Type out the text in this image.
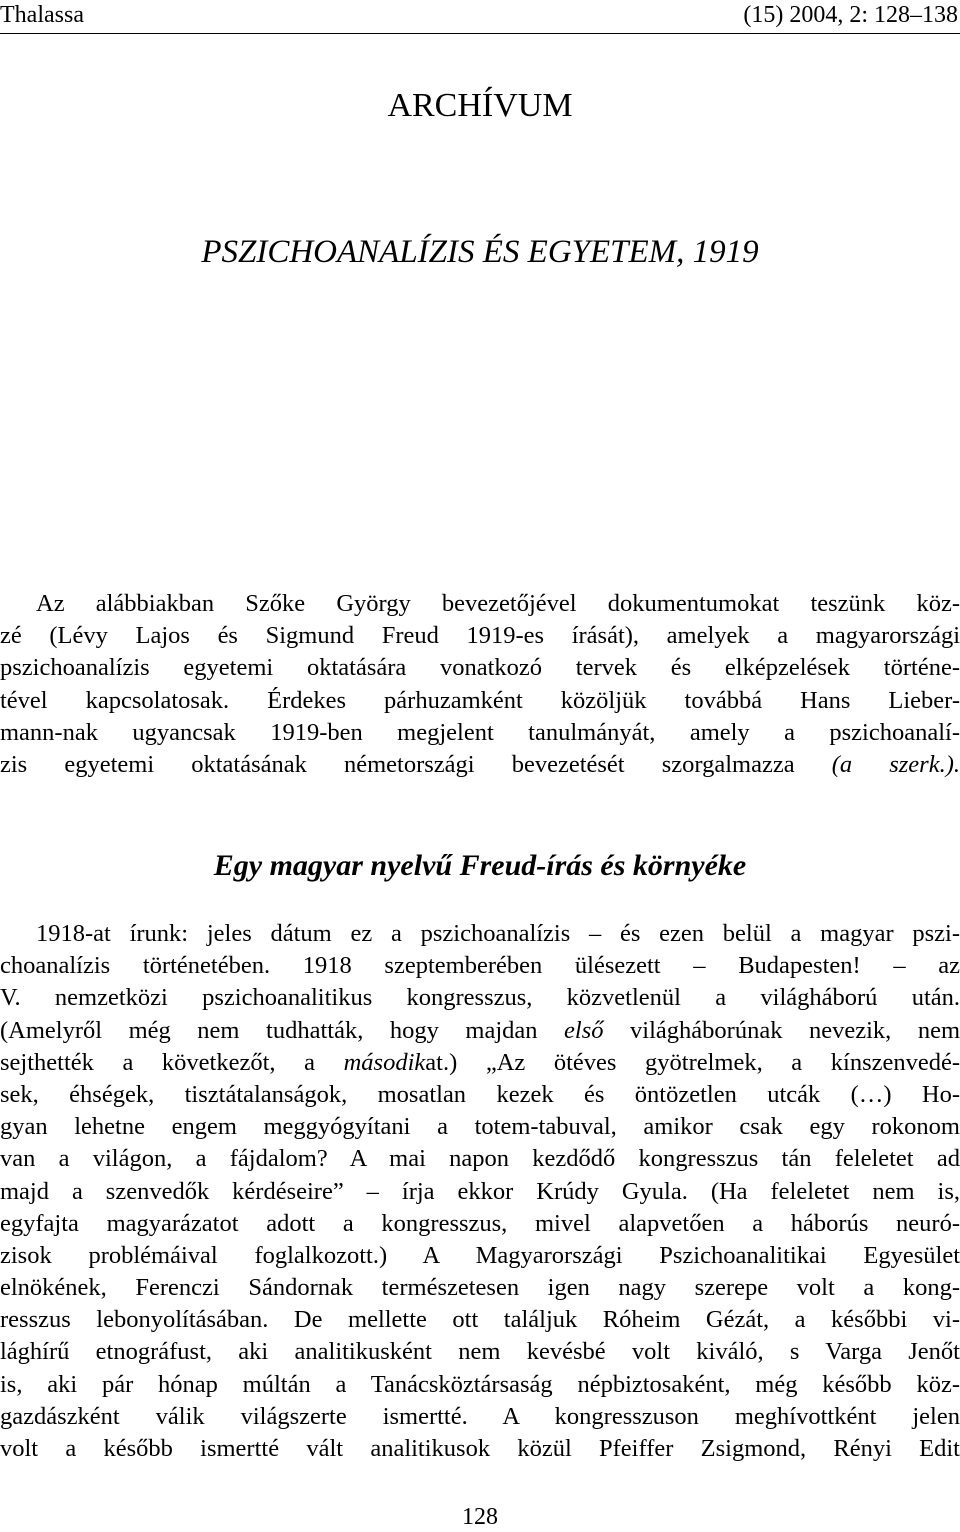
Thalassa	(15) 2004, 2: 128–138
ARCHÍVUM
PSZICHOANALÍZIS ÉS EGYETEM, 1919
Az alábbiakban Szőke György bevezetőjével dokumentumokat teszünk köz-
zé (Lévy Lajos és Sigmund Freud 1919-es írását), amelyek a magyarországi
pszichoanalízis egyetemi oktatására vonatkozó tervek és elképzelések történe-
tével kapcsolatosak. Érdekes párhuzamként közöljük továbbá Hans Lieber-
mann-nak ugyancsak 1919-ben megjelent tanulmányát, amely a pszichoanalí-
zis egyetemi oktatásának németországi bevezetését szorgalmazza (a szerk.).
Egy magyar nyelvű Freud-írás és környéke
1918-at írunk: jeles dátum ez a pszichoanalízis – és ezen belül a magyar pszi-
choanalízis történetében. 1918 szeptemberében ülésezett – Budapesten! – az
V. nemzetközi pszichoanalitikus kongresszus, közvetlenül a világháború után.
(Amelyről még nem tudhatták, hogy majdan első világháborúnak nevezik, nem
sejthették a következőt, a másodikat.) „Az ötéves gyötrelmek, a kínszenvedé-
sek, éhségek, tisztátalanságok, mosatlan kezek és öntözetlen utcák (…) Ho-
gyan lehetne engem meggyógyítani a totem-tabuval, amikor csak egy rokonom
van a világon, a fájdalom? A mai napon kezdődő kongresszus tán feleletet ad
majd a szenvedők kérdéseire” – írja ekkor Krúdy Gyula. (Ha feleletet nem is,
egyfajta magyarázatot adott a kongresszus, mivel alapvetően a háborús neuró-
zisok problémáival foglalkozott.) A Magyarországi Pszichoanalitikai Egyesület
elnökének, Ferenczi Sándornak természetesen igen nagy szerepe volt a kong-
resszus lebonyolításában. De mellette ott találjuk Róheim Gézát, a későbbi vi-
lághírű etnográfust, aki analitikusként nem kevésbé volt kiváló, s Varga Jenőt
is, aki pár hónap múltán a Tanácsköztársaság népbiztosaként, még később köz-
gazdászként válik világszerte ismertté. A kongresszuson meghívottként jelen
volt a később ismertté vált analitikusok közül Pfeiffer Zsigmond, Rényi Edit
128
